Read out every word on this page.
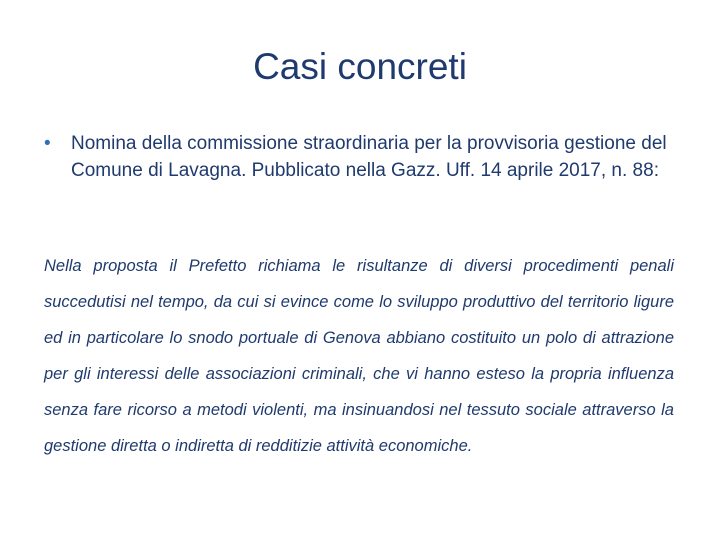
Casi concreti
•	Nomina della commissione straordinaria per la provvisoria gestione del Comune di Lavagna. Pubblicato nella Gazz. Uff. 14 aprile 2017, n. 88:

Nella proposta il Prefetto richiama le risultanze di diversi procedimenti penali succedutisi nel tempo, da cui si evince come lo sviluppo produttivo del territorio ligure ed in particolare lo snodo portuale di Genova abbiano costituito un polo di attrazione per gli interessi delle associazioni criminali, che vi hanno esteso la propria influenza senza fare ricorso a metodi violenti, ma insinuandosi nel tessuto sociale attraverso la gestione diretta o indiretta di redditizie attività economiche.
